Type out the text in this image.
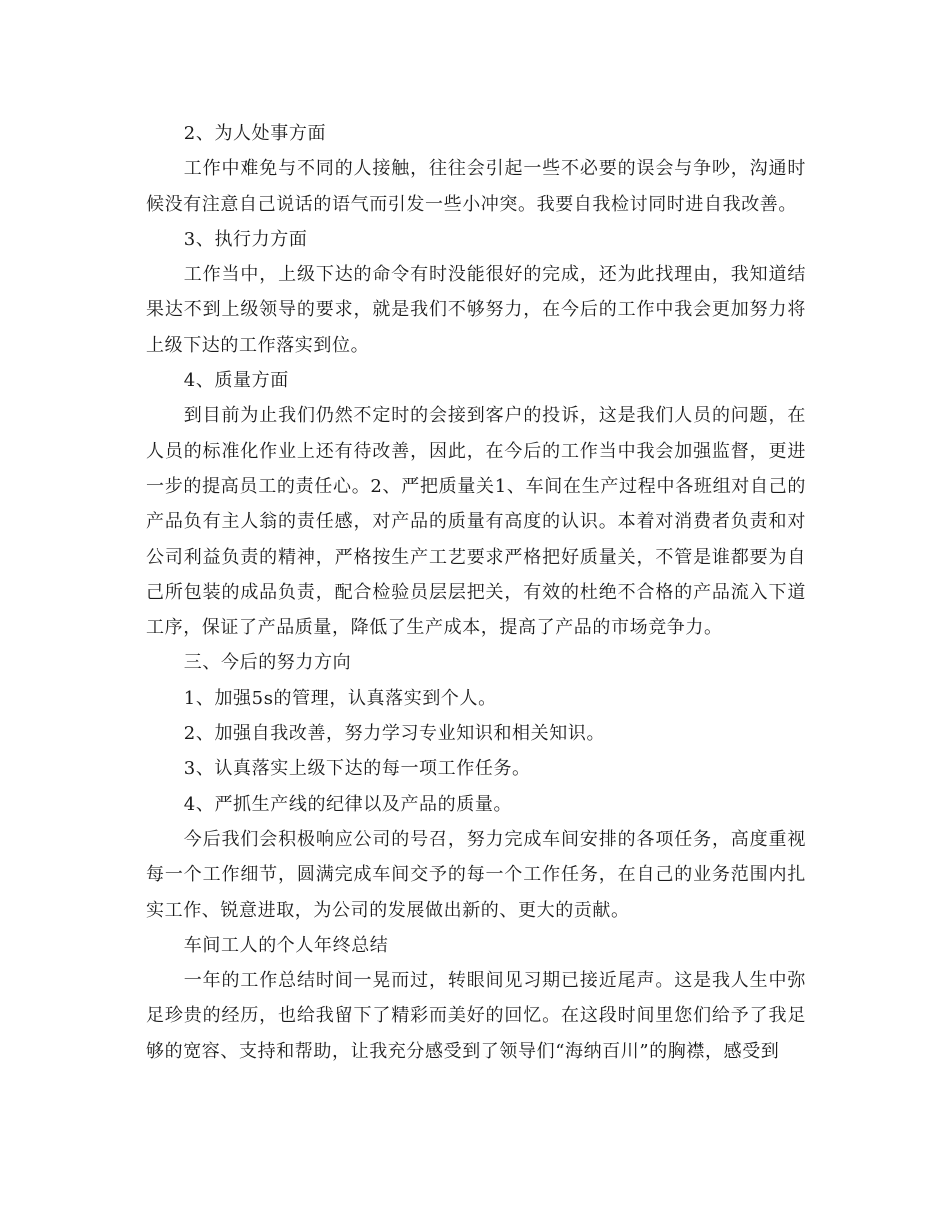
2、为人处事方面

工作中难免与不同的人接触，往往会引起一些不必要的误会与争吵，沟通时候没有注意自己说话的语气而引发一些小冲突。我要自我检讨同时进自我改善。

3、执行力方面

工作当中，上级下达的命令有时没能很好的完成，还为此找理由，我知道结果达不到上级领导的要求，就是我们不够努力，在今后的工作中我会更加努力将上级下达的工作落实到位。

4、质量方面

到目前为止我们仍然不定时的会接到客户的投诉，这是我们人员的问题，在人员的标准化作业上还有待改善，因此，在今后的工作当中我会加强监督，更进一步的提高员工的责任心。2、严把质量关1、车间在生产过程中各班组对自己的产品负有主人翁的责任感，对产品的质量有高度的认识。本着对消费者负责和对公司利益负责的精神，严格按生产工艺要求严格把好质量关，不管是谁都要为自己所包装的成品负责，配合检验员层层把关，有效的杜绝不合格的产品流入下道工序，保证了产品质量，降低了生产成本，提高了产品的市场竞争力。

三、今后的努力方向

1、加强5s的管理，认真落实到个人。

2、加强自我改善，努力学习专业知识和相关知识。

3、认真落实上级下达的每一项工作任务。

4、严抓生产线的纪律以及产品的质量。

今后我们会积极响应公司的号召，努力完成车间安排的各项任务，高度重视每一个工作细节，圆满完成车间交予的每一个工作任务，在自己的业务范围内扎实工作、锐意进取，为公司的发展做出新的、更大的贡献。

车间工人的个人年终总结

一年的工作总结时间一晃而过，转眼间见习期已接近尾声。这是我人生中弥足珍贵的经历，也给我留下了精彩而美好的回忆。在这段时间里您们给予了我足够的宽容、支持和帮助，让我充分感受到了领导们“海纳百川”的胸襟，感受到
